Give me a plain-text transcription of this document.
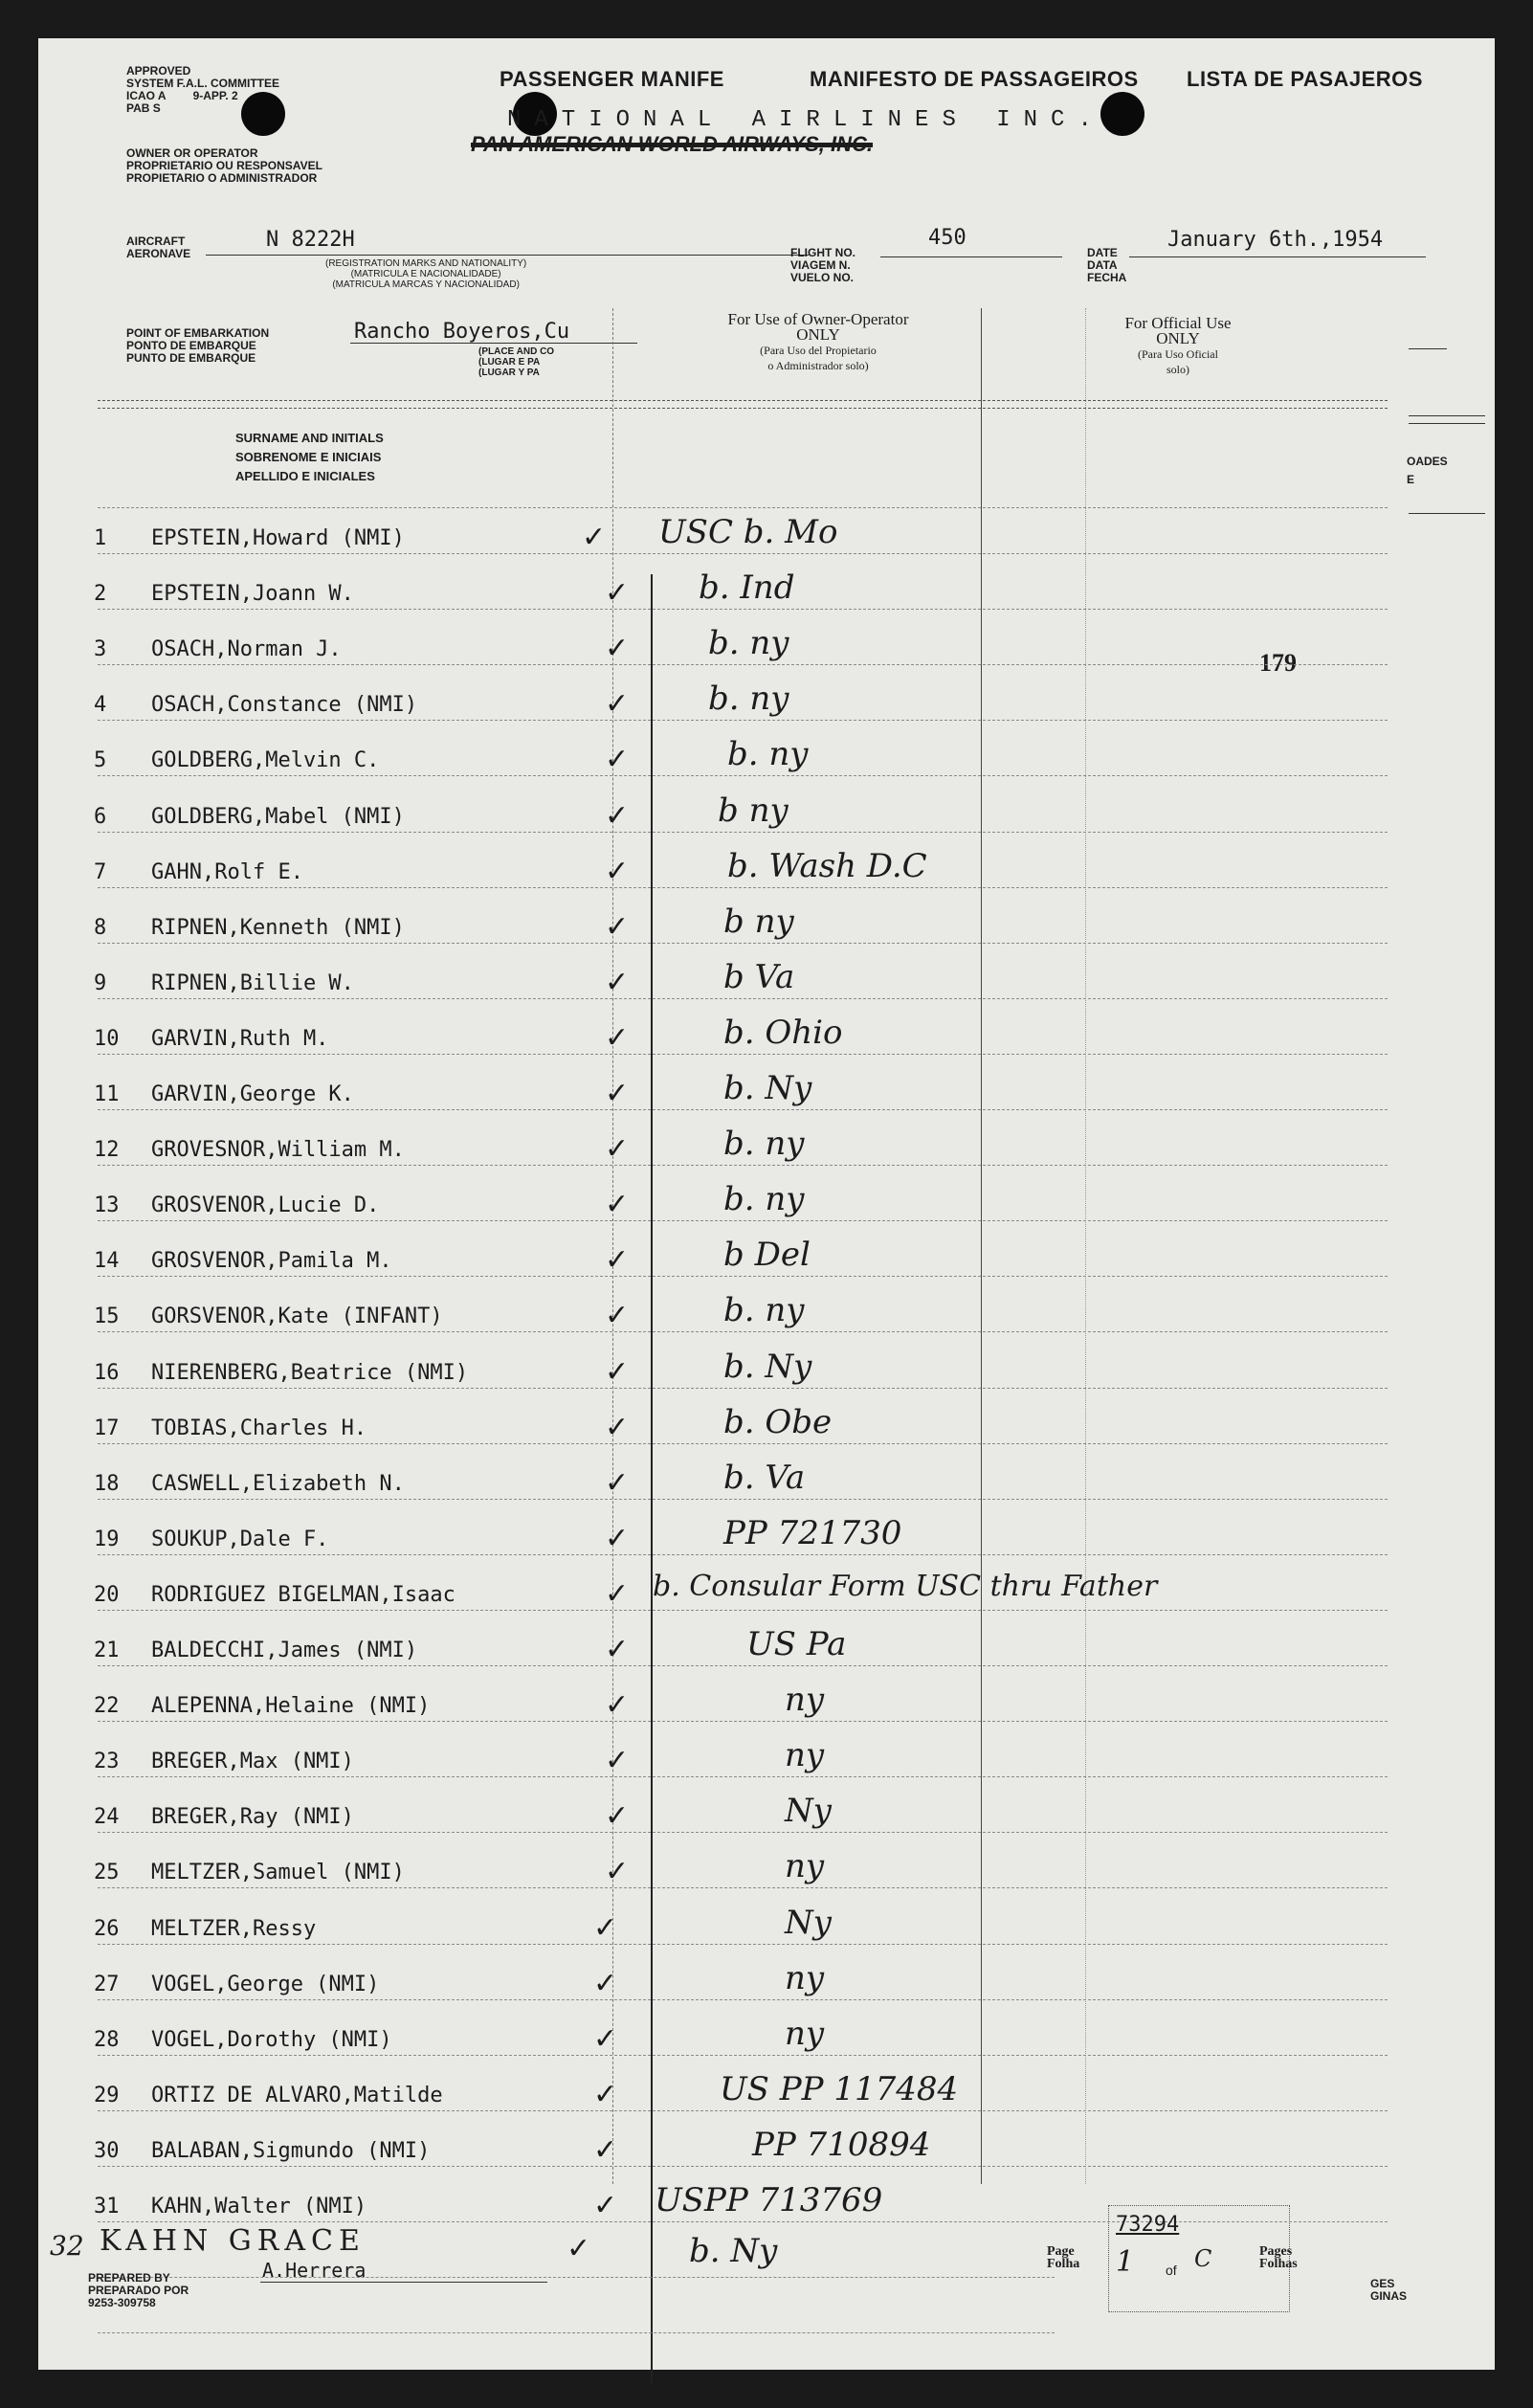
APPROVED
SYSTEM F.A.L. COMMITTEE
ICAO A 9-APP. 2
PAB S
OWNER OR OPERATOR
PROPRIETARIO OU RESPONSAVEL
PROPIETARIO O ADMINISTRADOR
PASSENGER MANIFE	MANIFESTO DE PASSAGEIROS LISTA DE PASAJEROS
NATIONAL AIRLINES INC.
PAN AMERICAN WORLD AIRWAYS, INC.
AIRCRAFT
AERONAVE
N 8222H
(REGISTRATION MARKS AND NATIONALITY)
(MATRICULA E NACIONALIDADE)
(MATRICULA MARCAS Y NACIONALIDAD)
FLIGHT NO.
VIAGEM N.
VUELO NO.
450
DATE
DATA
FECHA
January 6th.,1954
POINT OF EMBARKATION
PONTO DE EMBARQUE
PUNTO DE EMBARQUE
Rancho Boyeros,Cu
(PLACE AND CO
(LUGAR E PA
(LUGAR Y PA
For Use of Owner-Operator
ONLY
(Para Uso del Propietario
o Administrador solo)
For Official Use
ONLY
(Para Uso Oficial
solo)
SURNAME AND INITIALS
SOBRENOME E INICIAIS
APELLIDO E INICIALES
OADES
E
179
1	EPSTEIN,Howard (NMI)	✓ USC b. Mo
2	EPSTEIN,Joann W.	✓ b. Ind
3	OSACH,Norman J.	✓ b. ny
4	OSACH,Constance (NMI)	✓ b. ny
5	GOLDBERG,Melvin C.	✓	b. ny
6	GOLDBERG,Mabel (NMI)	✓	b ny
7	GAHN,Rolf E.	✓	b. Wash D.C
8	RIPNEN,Kenneth (NMI)	✓	b ny
9	RIPNEN,Billie W.	✓	b Va
10	GARVIN,Ruth M.	✓	b. Ohio
11	GARVIN,George K.	✓	b. Ny
12	GROVESNOR,William M.	✓	b. ny
13	GROSVENOR,Lucie D.	✓	b. ny
14	GROSVENOR,Pamila M.	✓	b Del
15	GORSVENOR,Kate (INFANT)	✓	b. ny
16	NIERENBERG,Beatrice (NMI)	✓	b. Ny
17	TOBIAS,Charles H.	✓	b. Obe
18	CASWELL,Elizabeth N.	✓	b. Va
19	SOUKUP,Dale F.	✓	PP 721730
20	RODRIGUEZ BIGELMAN,Isaac	✓ b. Consular Form USC thru Father
21	BALDECCHI,James (NMI)	✓	US Pa
22	ALEPENNA,Helaine (NMI)	✓	ny
23	BREGER,Max (NMI)	✓	ny
24	BREGER,Ray (NMI)	✓	Ny
25	MELTZER,Samuel (NMI)	✓	ny
26	MELTZER,Ressy	✓	Ny
27	VOGEL,George (NMI)	✓	ny
28	VOGEL,Dorothy (NMI)	✓	ny
29	ORTIZ DE ALVARO,Matilde	✓	US PP 117484
30	BALABAN,Sigmundo (NMI)	✓	PP 710894
31	KAHN,Walter (NMI)	✓ USPP 713769
32 KAHN GRACE	✓	b. Ny
PREPARED BY
PREPARADO POR
9253-309758
A.Herrera
73294
Page
Folha 1 of C	Pages
Folhas
GES
GINAS
